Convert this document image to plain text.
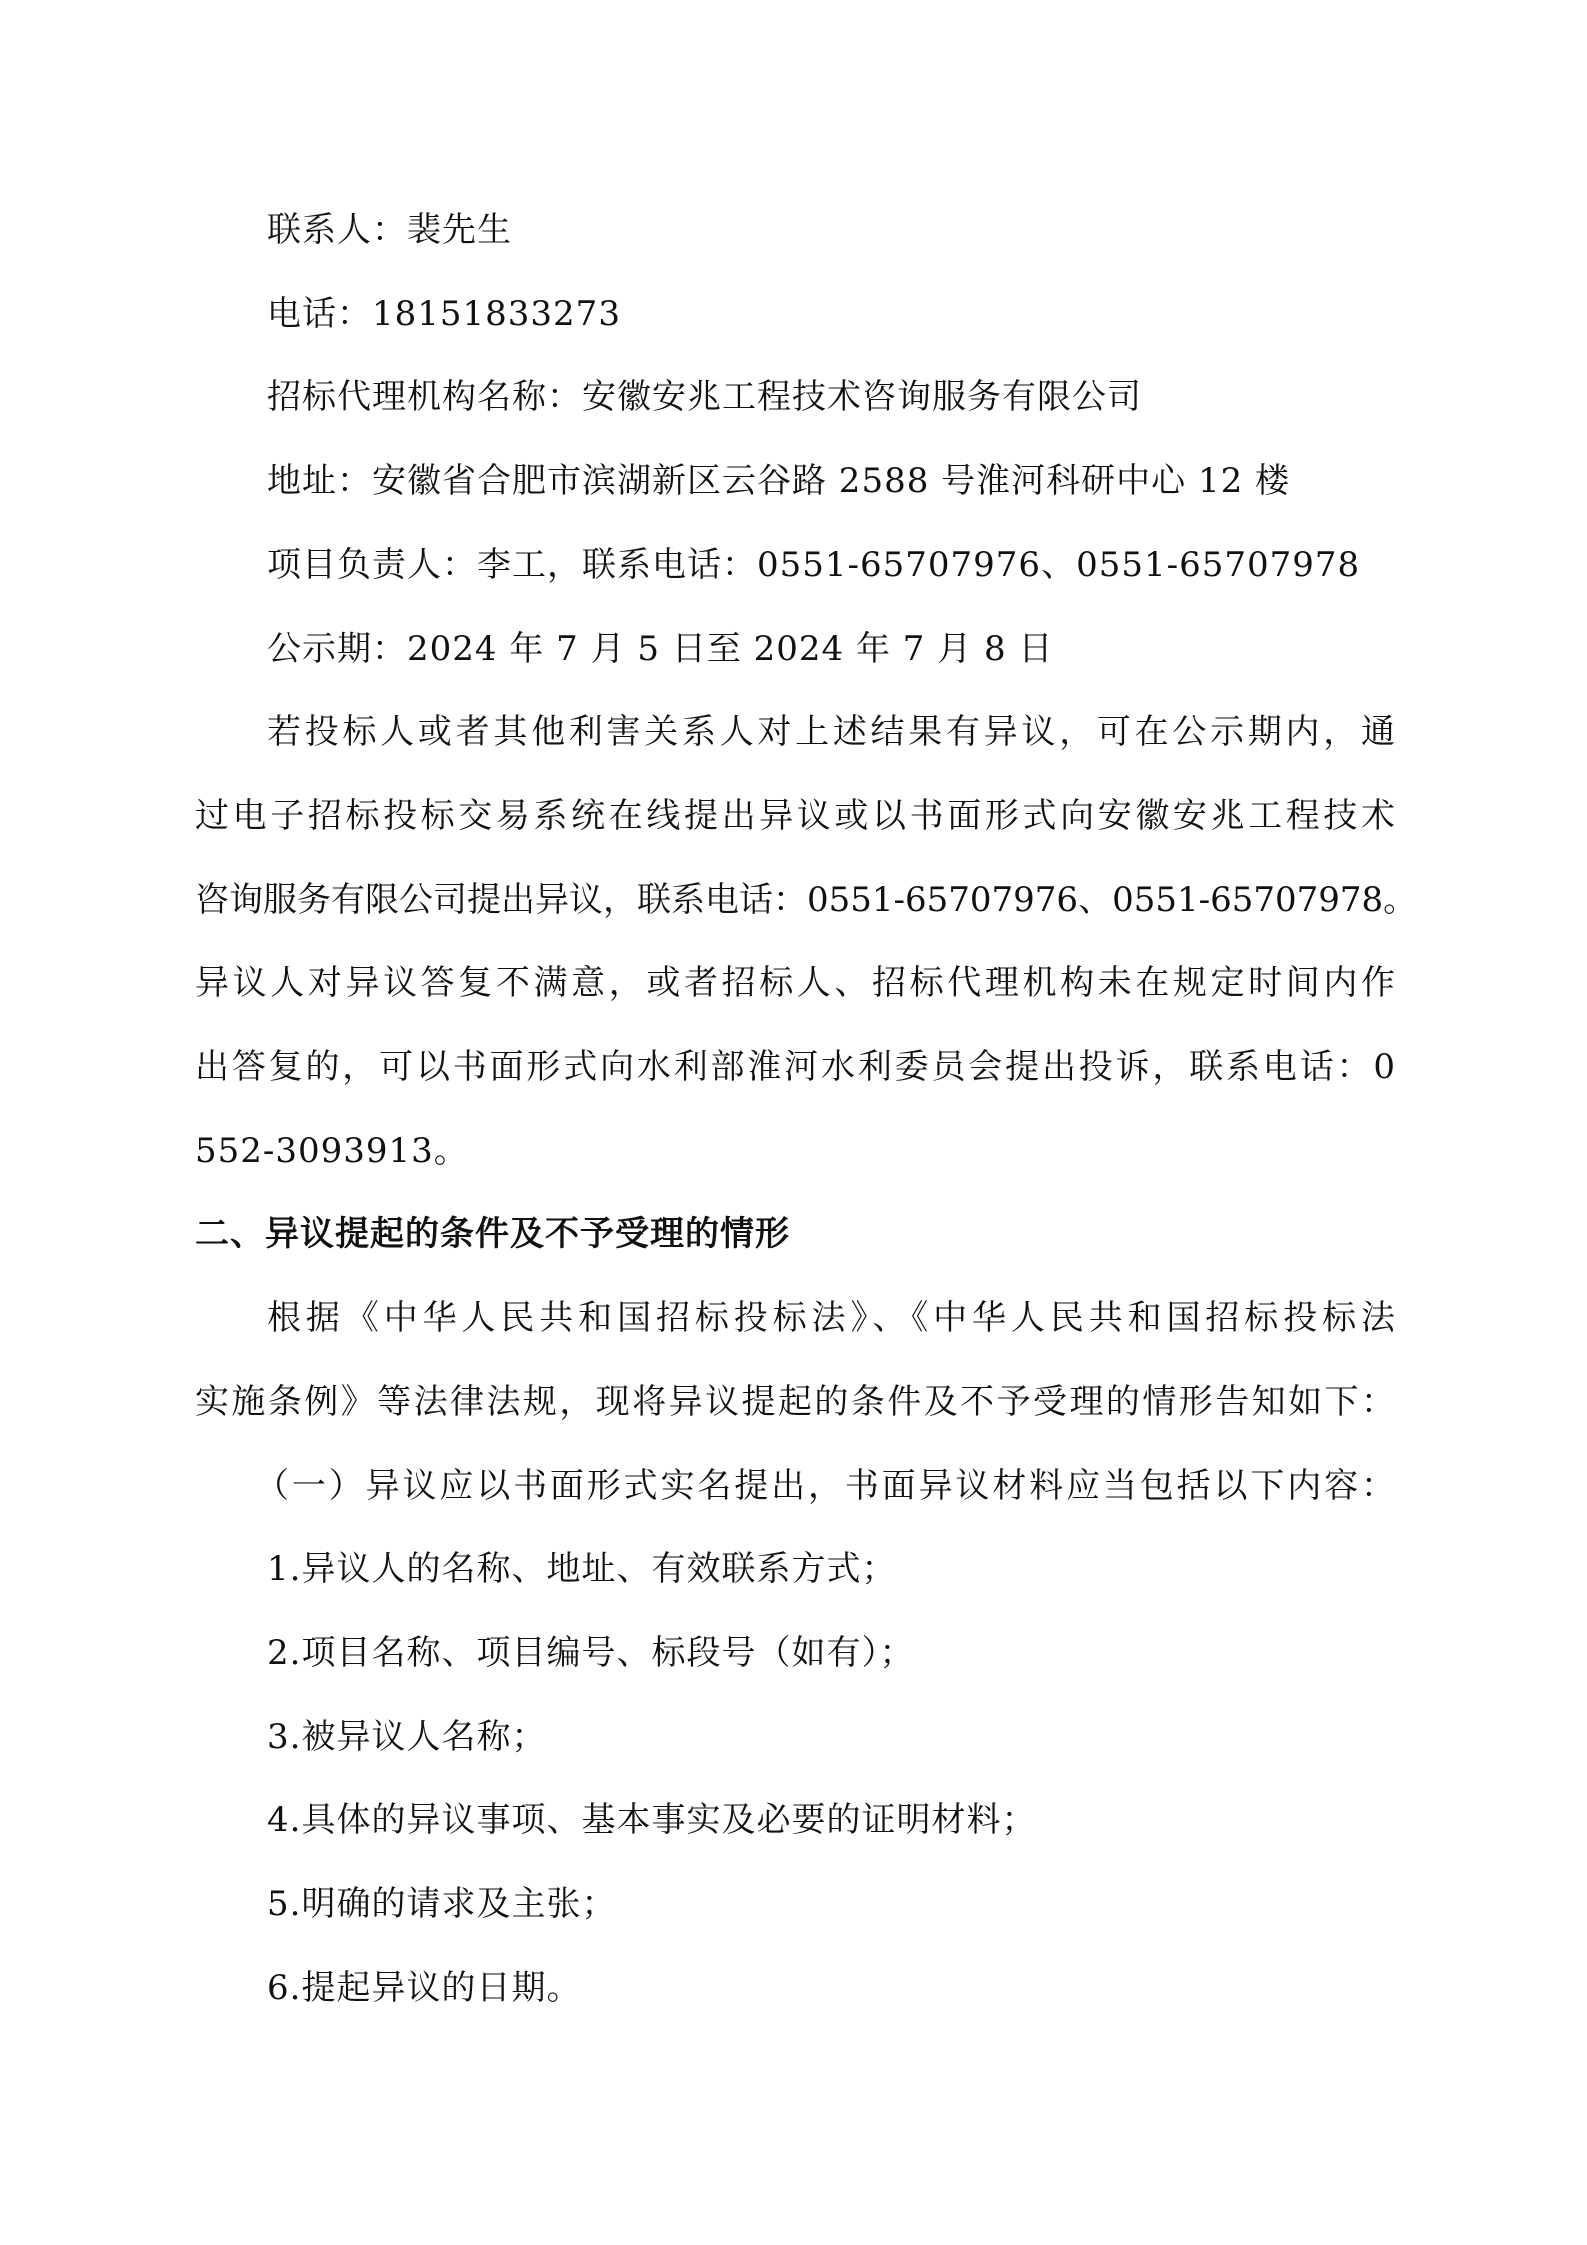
联系人：裴先生
电话：18151833273
招标代理机构名称：安徽安兆工程技术咨询服务有限公司
地址：安徽省合肥市滨湖新区云谷路 2588 号淮河科研中心 12 楼
项目负责人：李工，联系电话：0551-65707976、0551-65707978
公示期：2024 年 7 月 5 日至 2024 年 7 月 8 日
若投标人或者其他利害关系人对上述结果有异议，可在公示期内，通
过电子招标投标交易系统在线提出异议或以书面形式向安徽安兆工程技术
咨询服务有限公司提出异议，联系电话：0551-65707976、0551-65707978。
异议人对异议答复不满意，或者招标人、招标代理机构未在规定时间内作
出答复的，可以书面形式向水利部淮河水利委员会提出投诉，联系电话：0
552-3093913。
二、异议提起的条件及不予受理的情形
根据《中华人民共和国招标投标法》、《中华人民共和国招标投标法
实施条例》等法律法规，现将异议提起的条件及不予受理的情形告知如下：
（一）异议应以书面形式实名提出，书面异议材料应当包括以下内容：
1.异议人的名称、地址、有效联系方式；
2.项目名称、项目编号、标段号（如有）；
3.被异议人名称；
4.具体的异议事项、基本事实及必要的证明材料；
5.明确的请求及主张；
6.提起异议的日期。
